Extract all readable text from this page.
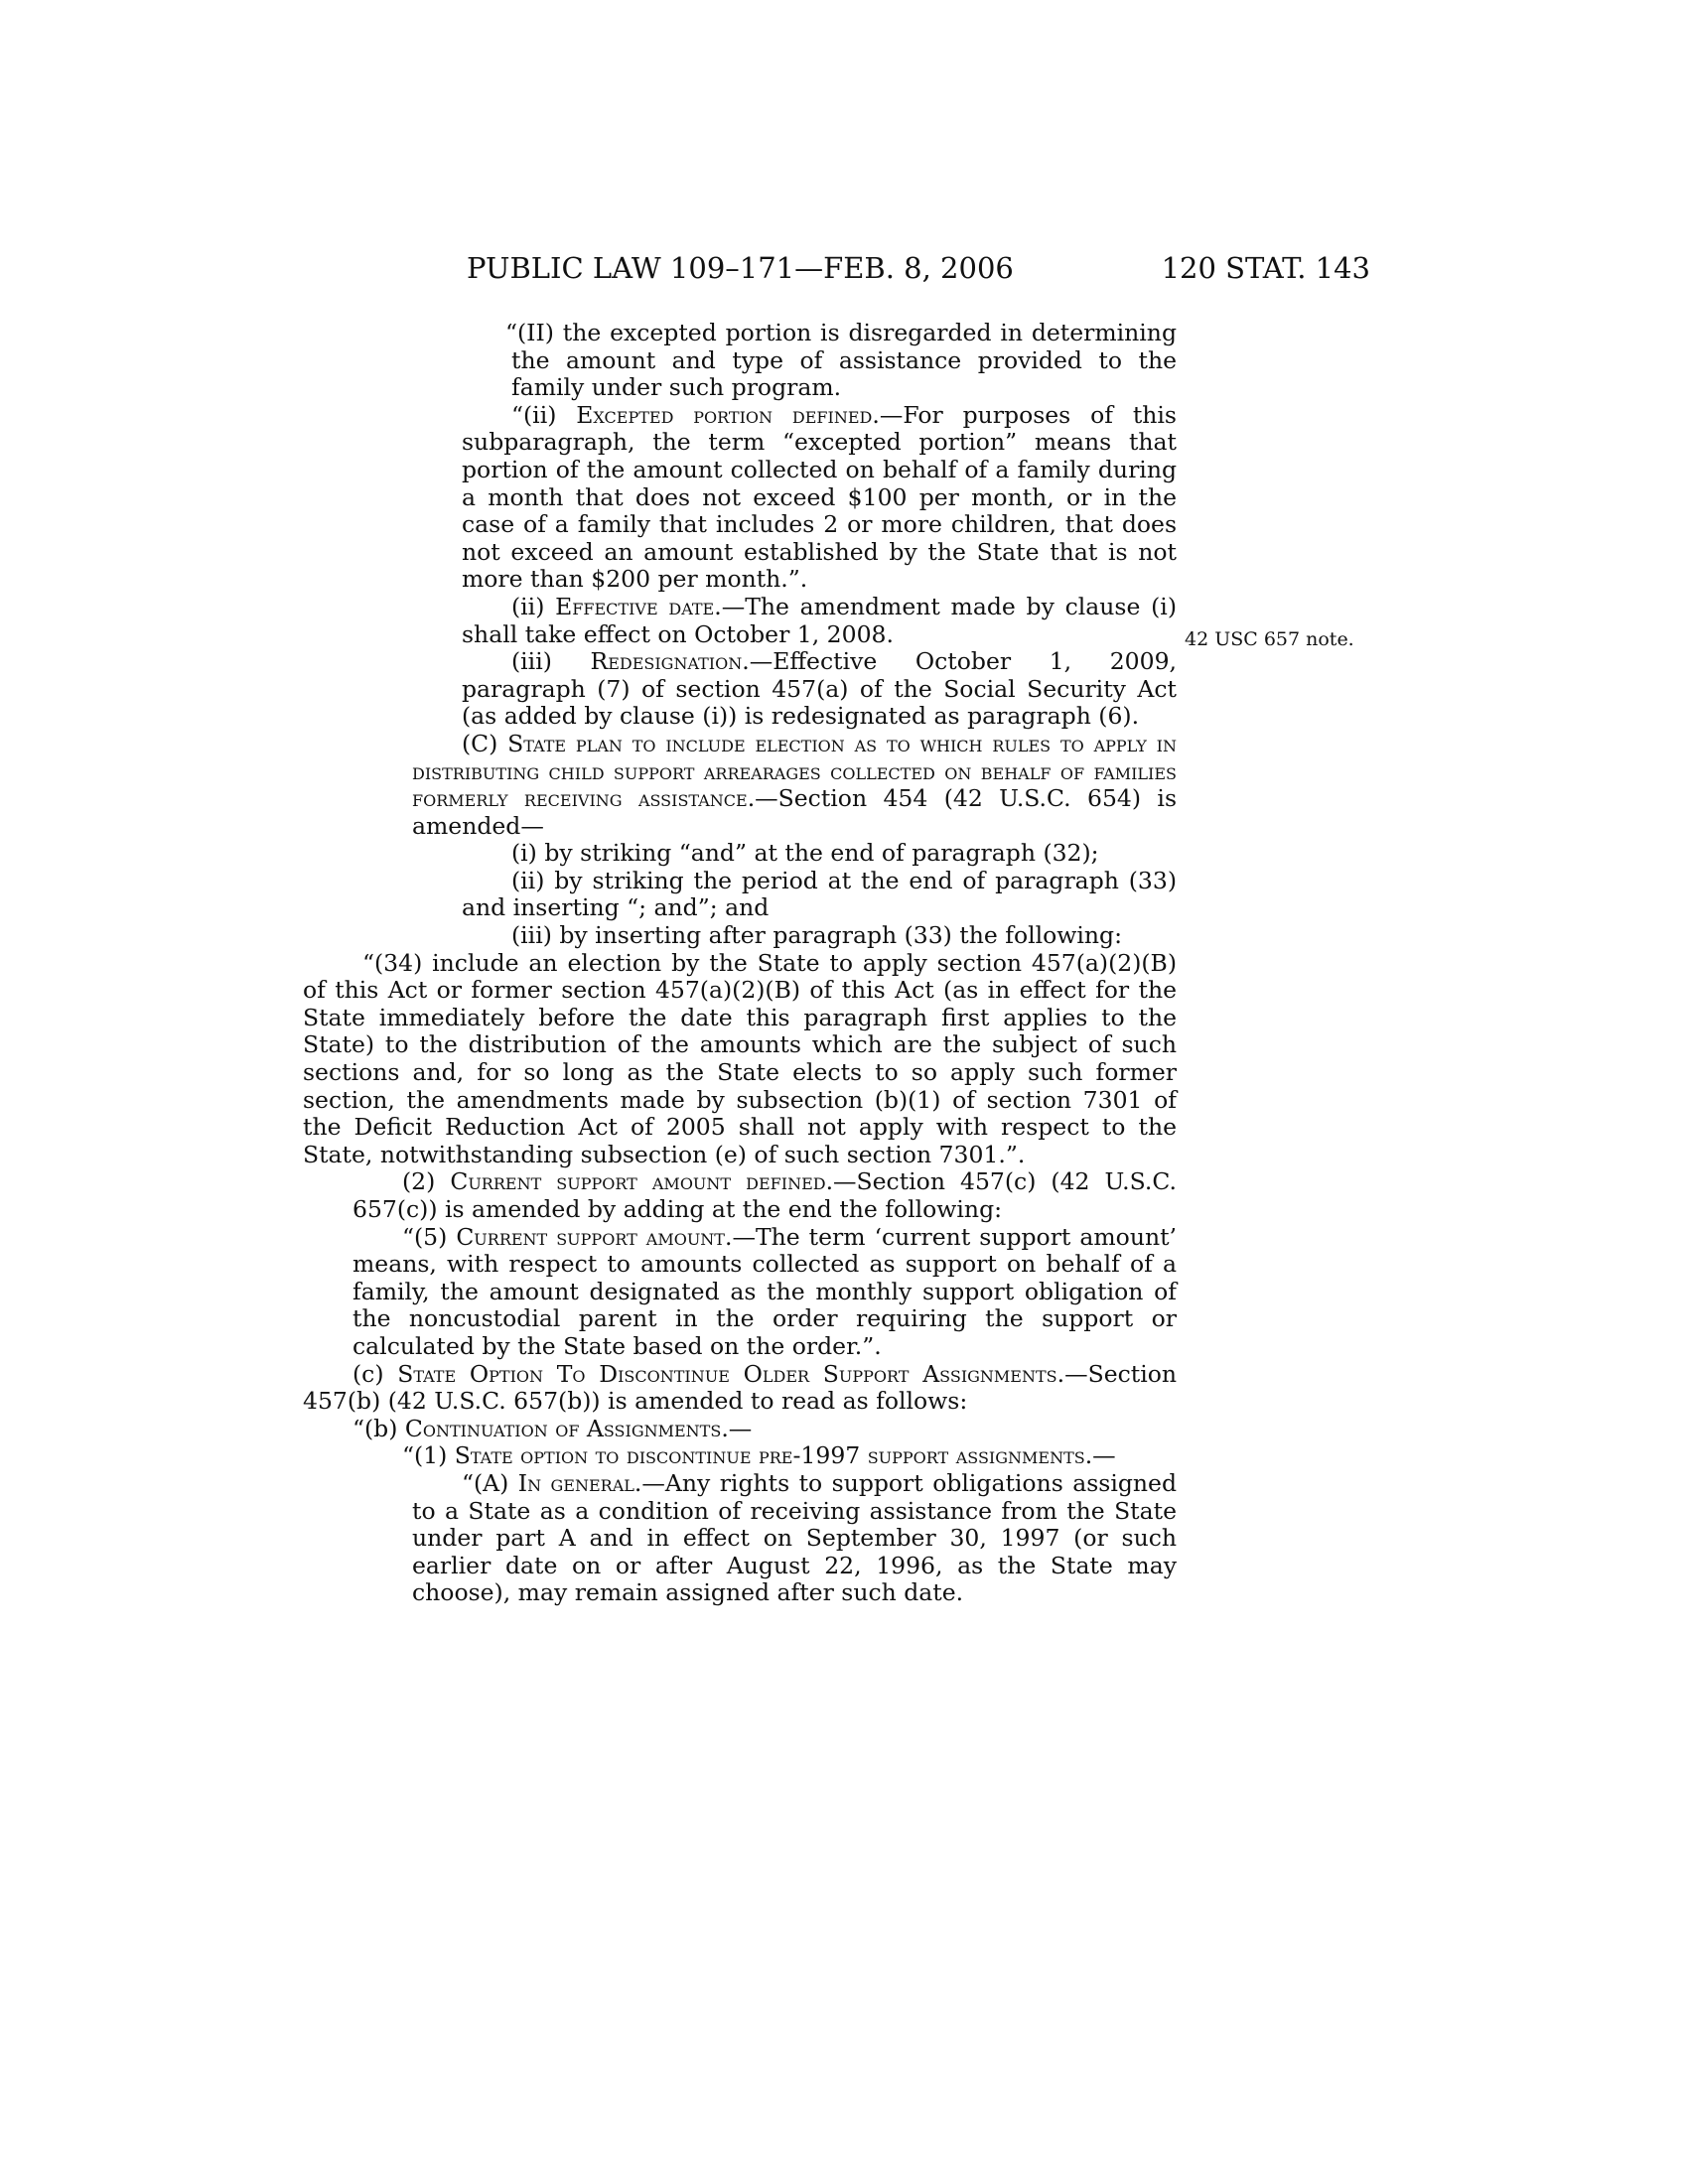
PUBLIC LAW 109–171—FEB. 8, 2006	120 STAT. 143
42 USC 657 note.

“(II) the excepted portion is disregarded in determining the amount and type of assistance provided to the family under such program.

“(ii) Excepted portion defined.—For purposes of this subparagraph, the term “excepted portion” means that portion of the amount collected on behalf of a family during a month that does not exceed $100 per month, or in the case of a family that includes 2 or more children, that does not exceed an amount established by the State that is not more than $200 per month.”.

(ii) Effective date.—The amendment made by clause (i) shall take effect on October 1, 2008.

(iii) Redesignation.—Effective October 1, 2009, paragraph (7) of section 457(a) of the Social Security Act (as added by clause (i)) is redesignated as paragraph (6).

(C) State plan to include election as to which rules to apply in distributing child support arrearages collected on behalf of families formerly receiving assistance.—Section 454 (42 U.S.C. 654) is amended—

(i) by striking “and” at the end of paragraph (32);

(ii) by striking the period at the end of paragraph (33) and inserting “; and”; and

(iii) by inserting after paragraph (33) the following:

“(34) include an election by the State to apply section 457(a)(2)(B) of this Act or former section 457(a)(2)(B) of this Act (as in effect for the State immediately before the date this paragraph first applies to the State) to the distribution of the amounts which are the subject of such sections and, for so long as the State elects to so apply such former section, the amendments made by subsection (b)(1) of section 7301 of the Deficit Reduction Act of 2005 shall not apply with respect to the State, notwithstanding subsection (e) of such section 7301.”.

(2) Current support amount defined.—Section 457(c) (42 U.S.C. 657(c)) is amended by adding at the end the following:

“(5) Current support amount.—The term ‘current support amount’ means, with respect to amounts collected as support on behalf of a family, the amount designated as the monthly support obligation of the noncustodial parent in the order requiring the support or calculated by the State based on the order.”.

(c) State Option To Discontinue Older Support Assignments.—Section 457(b) (42 U.S.C. 657(b)) is amended to read as follows:

“(b) Continuation of Assignments.—

“(1) State option to discontinue pre-1997 support assignments.—

“(A) In general.—Any rights to support obligations assigned to a State as a condition of receiving assistance from the State under part A and in effect on September 30, 1997 (or such earlier date on or after August 22, 1996, as the State may choose), may remain assigned after such date.
